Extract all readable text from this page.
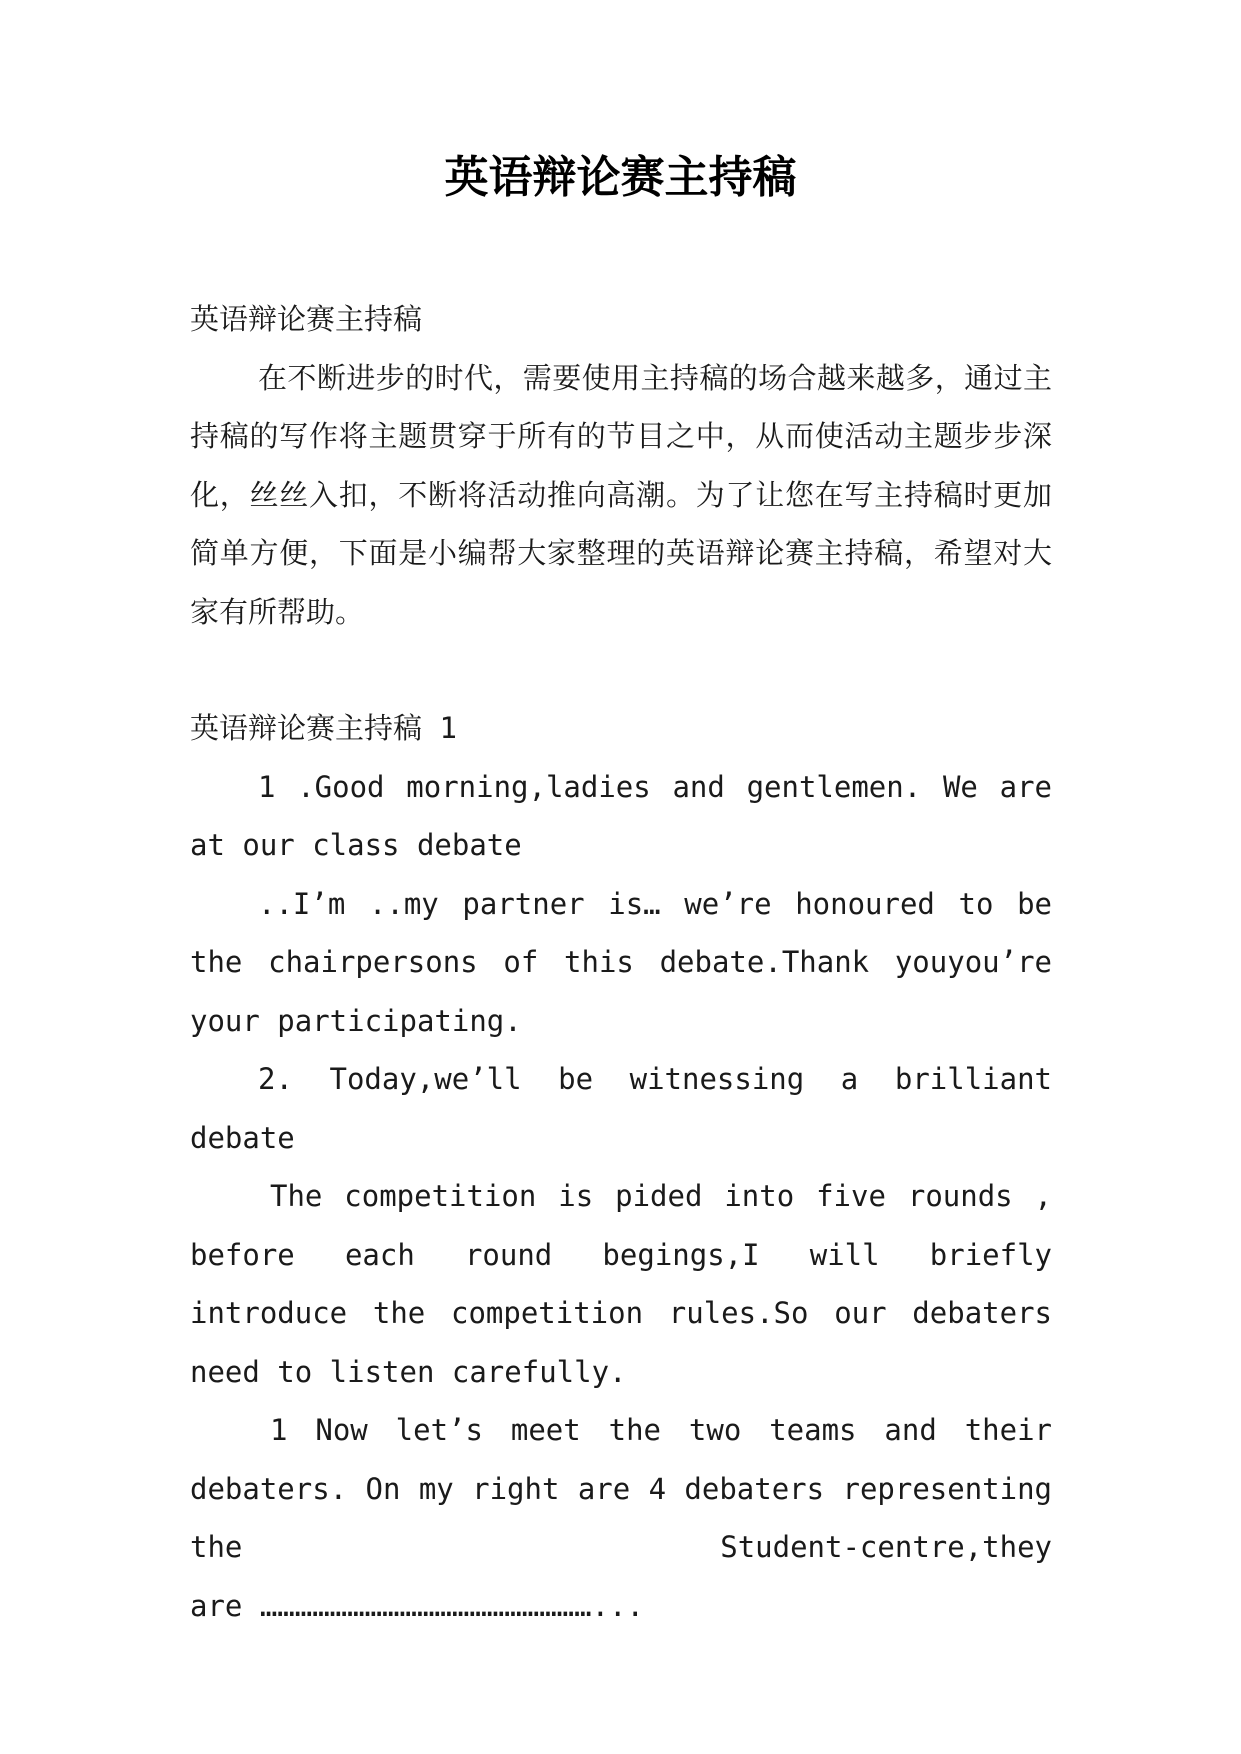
英语辩论赛主持稿

英语辩论赛主持稿

在不断进步的时代，需要使用主持稿的场合越来越多，通过主持稿的写作将主题贯穿于所有的节目之中，从而使活动主题步步深化，丝丝入扣，不断将活动推向高潮。为了让您在写主持稿时更加简单方便，下面是小编帮大家整理的英语辩论赛主持稿，希望对大家有所帮助。

英语辩论赛主持稿 1

1 .Good morning,ladies and gentlemen. We are at our class debate

..I’m ..my partner is… we’re honoured to be the chairpersons of this debate.Thank youyou’re your participating.

2. Today,we’ll be witnessing a brilliant debate

The competition is pided into five rounds , before each round begings,I will briefly introduce the competition rules.So our debaters need to listen carefully.

1 Now let’s meet the two teams and their debaters. On my right are 4 debaters representing the Student-centre,they

are …………………………………………………...
